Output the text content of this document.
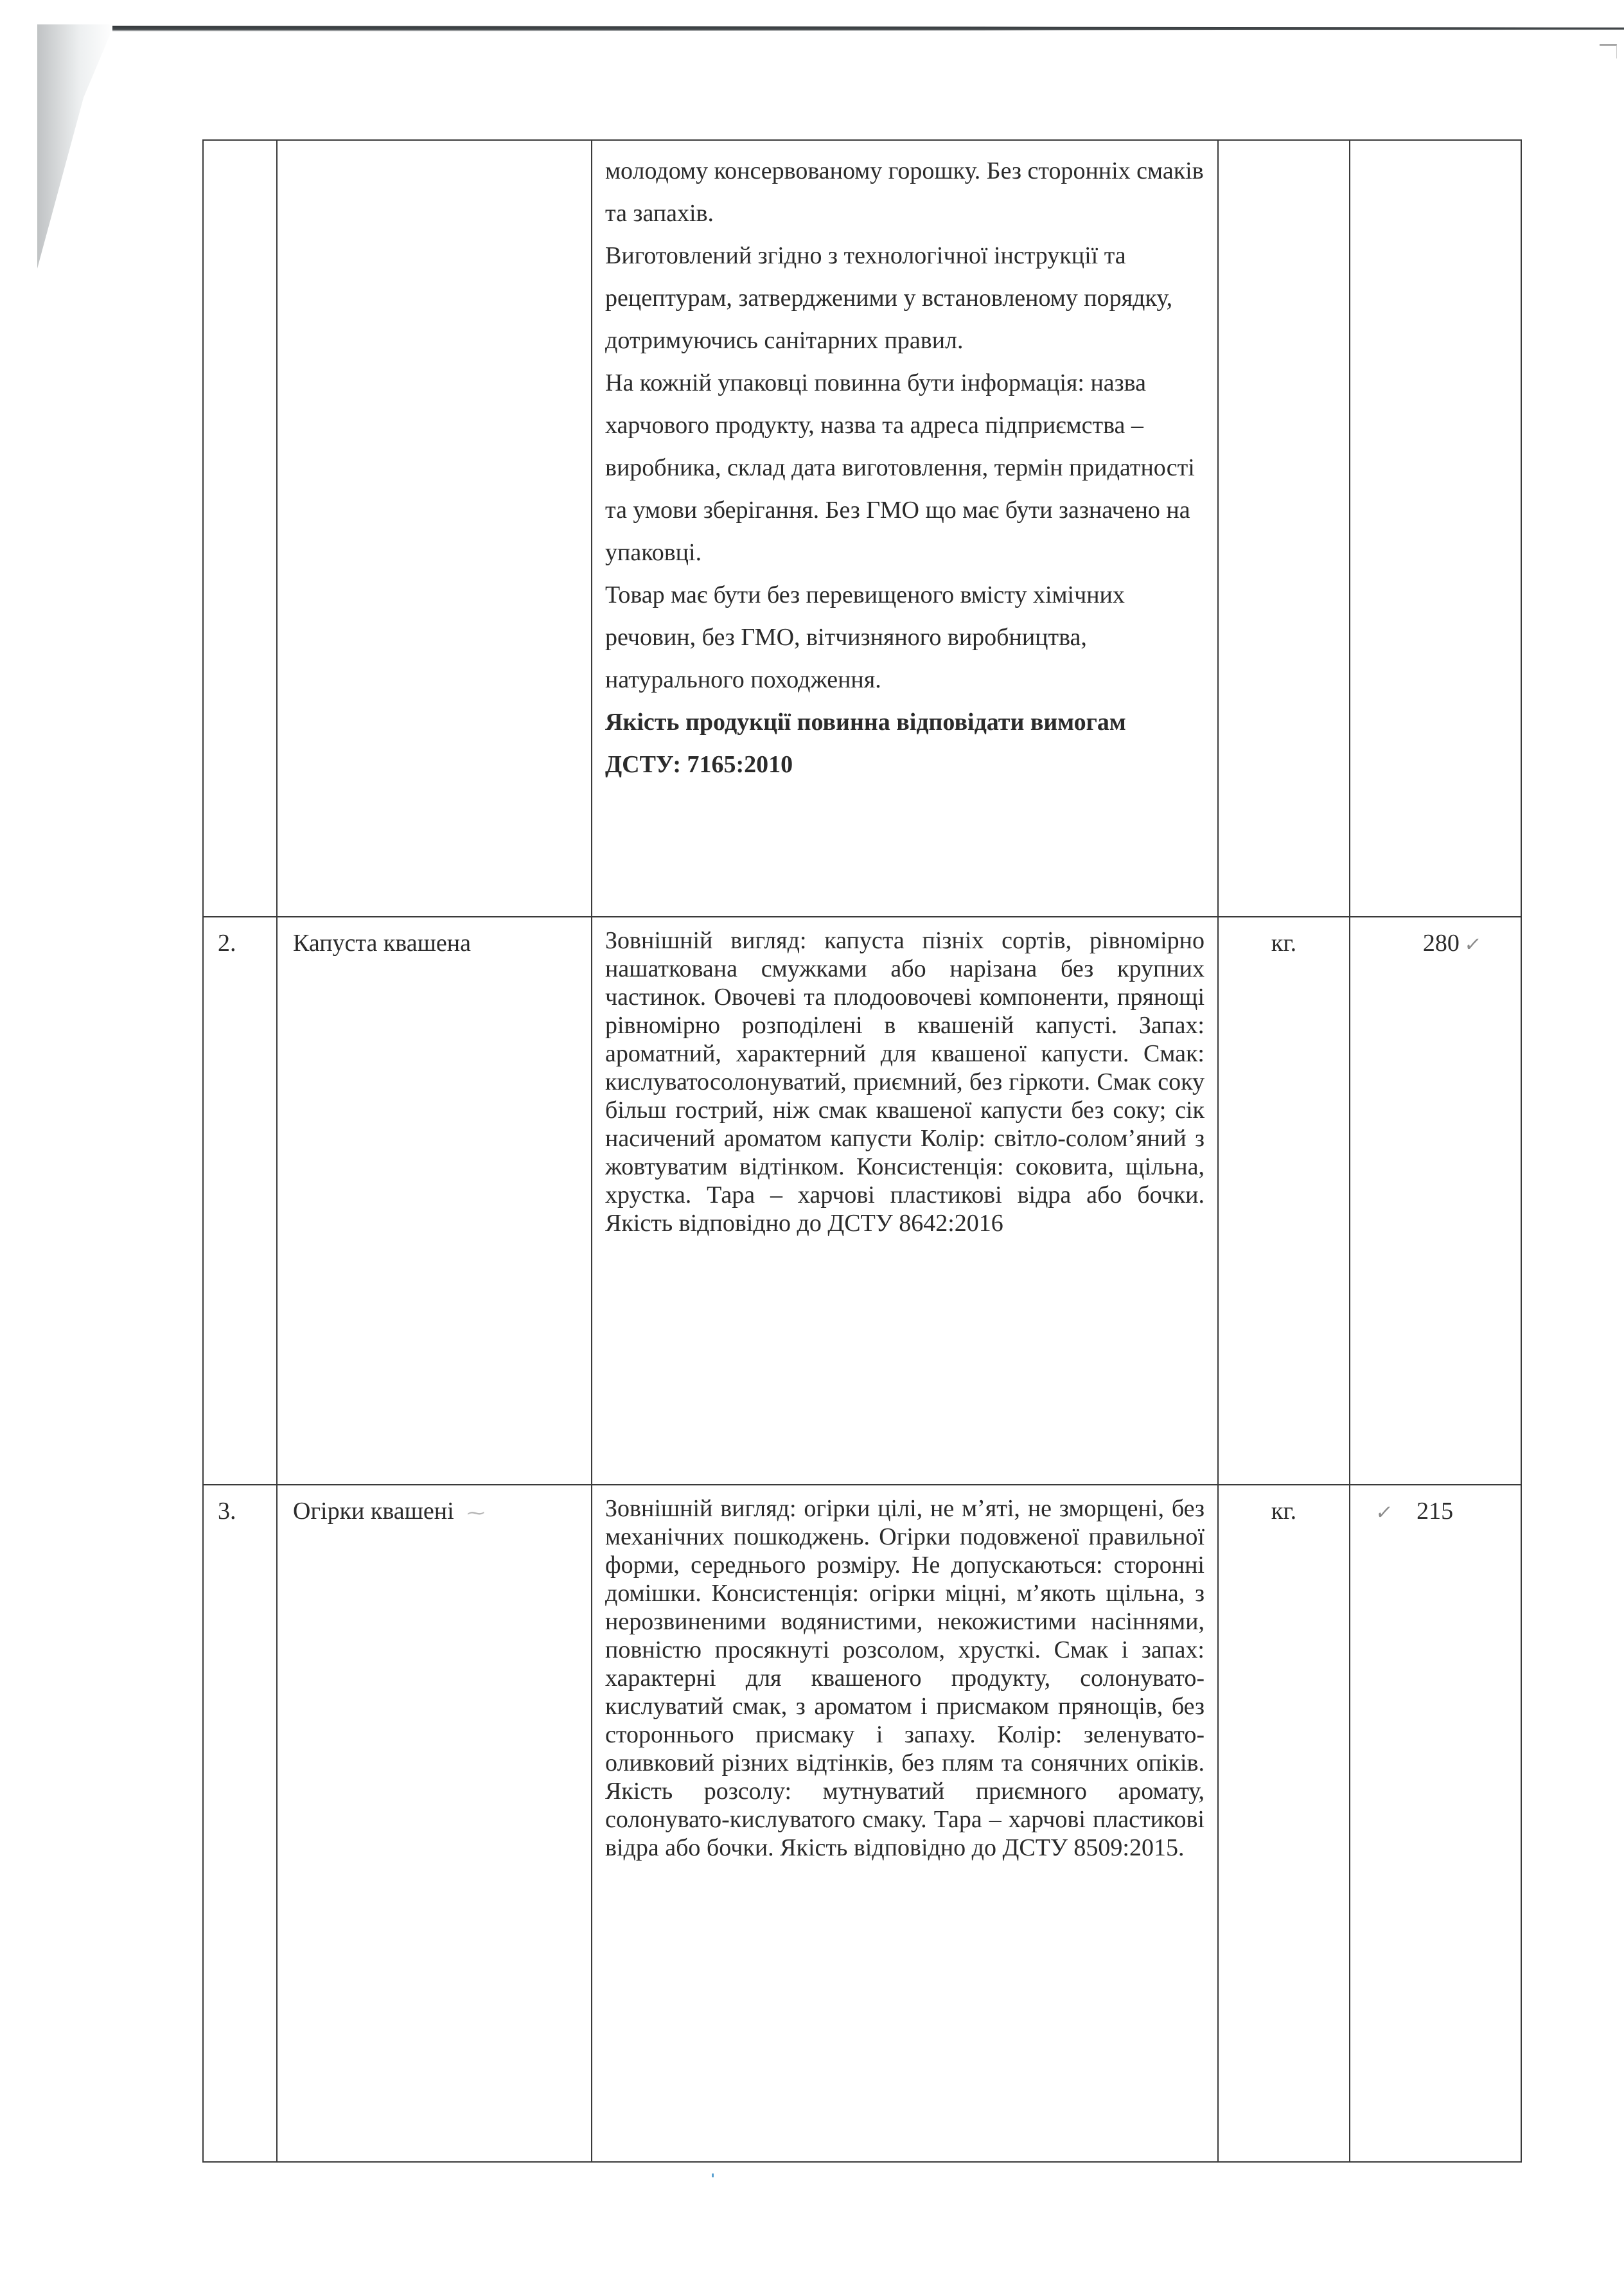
		молодому консервованому горошку. Без сторонніх смаків та запахів.

Виготовлений згідно з технологічної інструкції та рецептурам, затвердженими у встановленому порядку, дотримуючись санітарних правил.

На кожній упаковці повинна бути інформація: назва харчового продукту, назва та адреса підприємства – виробника, склад дата виготовлення, термін придатності та умови зберігання. Без ГМО що має бути зазначено на упаковці.

Товар має бути без перевищеного вмісту хімічних речовин, без ГМО, вітчизняного виробництва, натурального походження.

Якість продукції повинна відповідати вимогам ДСТУ: 7165:2010		

2.	Капуста квашена	Зовнішній вигляд: капуста пізніх сортів, рівномірно нашаткована смужками або нарізана без крупних частинок. Овочеві та плодоовочеві компоненти, прянощі рівномірно розподілені в квашеній капусті. Запах: ароматний, характерний для квашеної капусти. Смак: кислуватосолонуватий, приємний, без гіркоти. Смак соку більш гострий, ніж смак квашеної капусти без соку; сік насичений ароматом капусти Колір: світло-солом’яний з жовтуватим відтінком. Консистенція: соковита, щільна, хрустка. Тара – харчові пластикові відра або бочки. Якість відповідно до ДСТУ 8642:2016	кг.	280 ✓
3.	Огірки квашені ⁓	Зовнішній вигляд: огірки цілі, не м’яті, не зморщені, без механічних пошкоджень. Огірки подовженої правильної форми, середнього розміру. Не допускаються: сторонні домішки. Консистенція: огірки міцні, м’якоть щільна, з нерозвиненими водянистими, некожистими насіннями, повністю просякнуті розсолом, хрусткі. Смак і запах: характерні для квашеного продукту, солонувато-кислуватий смак, з ароматом і присмаком прянощів, без стороннього присмаку і запаху. Колір: зеленувато-оливковий різних відтінків, без плям та сонячних опіків. Якість розсолу: мутнуватий приємного аромату, солонувато-кислуватого смаку. Тара – харчові пластикові відра або бочки. Якість відповідно до ДСТУ 8509:2015.	кг.	✓ 215
